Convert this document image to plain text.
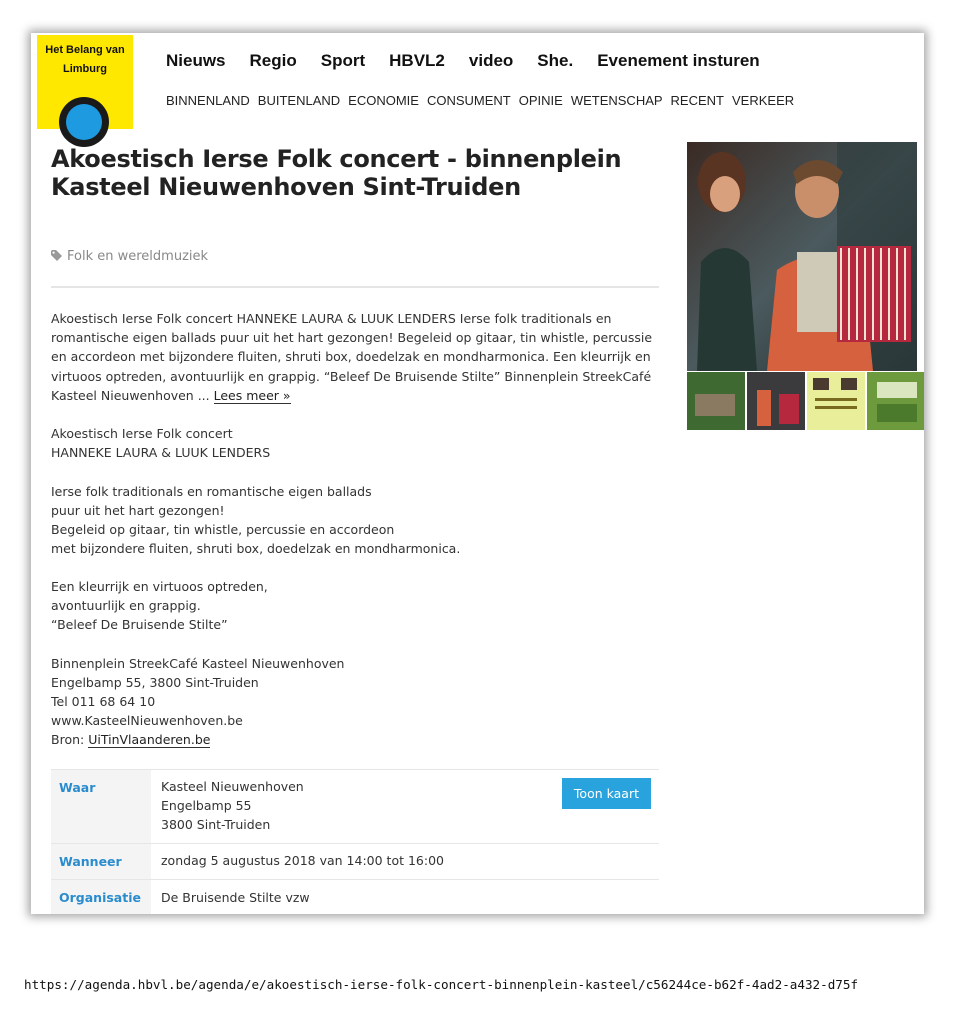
Het Belang van
Limburg	Nieuws Regio Sport HBVL2 video She. Evenement insturen
BINNENLAND BUITENLAND ECONOMIE CONSUMENT OPINIE WETENSCHAP RECENT VERKEER
Akoestisch Ierse Folk concert - binnenplein Kasteel Nieuwenhoven Sint-Truiden
Folk en wereldmuziek
Akoestisch Ierse Folk concert HANNEKE LAURA & LUUK LENDERS Ierse folk traditionals en romantische eigen ballads puur uit het hart gezongen! Begeleid op gitaar, tin whistle, percussie en accordeon met bijzondere fluiten, shruti box, doedelzak en mondharmonica. Een kleurrijk en virtuoos optreden, avontuurlijk en grappig. “Beleef De Bruisende Stilte” Binnenplein StreekCafé Kasteel Nieuwenhoven ... Lees meer »
Akoestisch Ierse Folk concert
HANNEKE LAURA & LUUK LENDERS
Ierse folk traditionals en romantische eigen ballads
puur uit het hart gezongen!
Begeleid op gitaar, tin whistle, percussie en accordeon
met bijzondere fluiten, shruti box, doedelzak en mondharmonica.
Een kleurrijk en virtuoos optreden,
avontuurlijk en grappig.
“Beleef De Bruisende Stilte”
Binnenplein StreekCafé Kasteel Nieuwenhoven
Engelbamp 55, 3800 Sint-Truiden
Tel 011 68 64 10
www.KasteelNieuwenhoven.be
Bron: UiTinVlaanderen.be
Waar	Kasteel Nieuwenhoven
Engelbamp 55
3800 Sint-Truiden
Toon kaart
Wanneer	zondag 5 augustus 2018 van 14:00 tot 16:00
Organisatie	De Bruisende Stilte vzw
https://agenda.hbvl.be/agenda/e/akoestisch-ierse-folk-concert-binnenplein-kasteel/c56244ce-b62f-4ad2-a432-d75f
